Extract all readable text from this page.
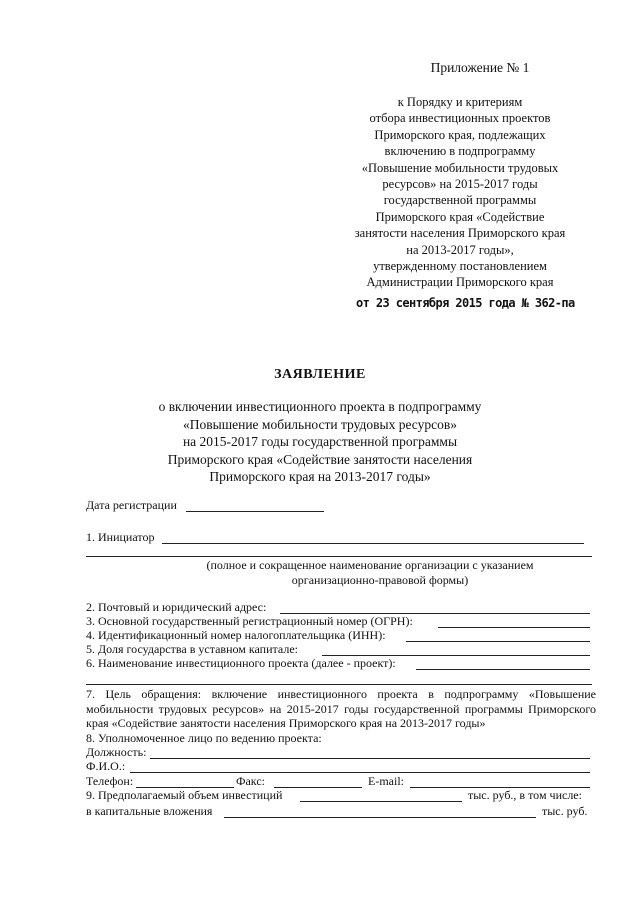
Приложение № 1
к Порядку и критериям
отбора инвестиционных проектов
Приморского края, подлежащих
включению в подпрограмму
«Повышение мобильности трудовых
ресурсов» на 2015-2017 годы
государственной программы
Приморского края «Содействие
занятости населения Приморского края
на 2013-2017 годы»,
утвержденному постановлением
Администрации Приморского края
от 23 сентября 2015 года № 362-па
ЗАЯВЛЕНИЕ
о включении инвестиционного проекта в подпрограмму
«Повышение мобильности трудовых ресурсов»
на 2015-2017 годы государственной программы
Приморского края «Содействие занятости населения
Приморского края на 2013-2017 годы»
Дата регистрации
1. Инициатор
(полное и сокращенное наименование организации с указанием
организационно-правовой формы)
2. Почтовый и юридический адрес:
3. Основной государственный регистрационный номер (ОГРН):
4. Идентификационный номер налогоплательщика (ИНН):
5. Доля государства в уставном капитале:
6. Наименование инвестиционного проекта (далее - проект):
7. Цель обращения: включение инвестиционного проекта в подпрограмму «Повышение мобильности трудовых ресурсов» на 2015-2017 годы государственной программы Приморского края «Содействие занятости населения Приморского края на 2013-2017 годы»
8. Уполномоченное лицо по ведению проекта:
Должность:
Ф.И.О.:
Телефон:	Факс:	E-mail:
9. Предполагаемый объем инвестиций	тыс. руб., в том числе:
в капитальные вложения	тыс. руб.
